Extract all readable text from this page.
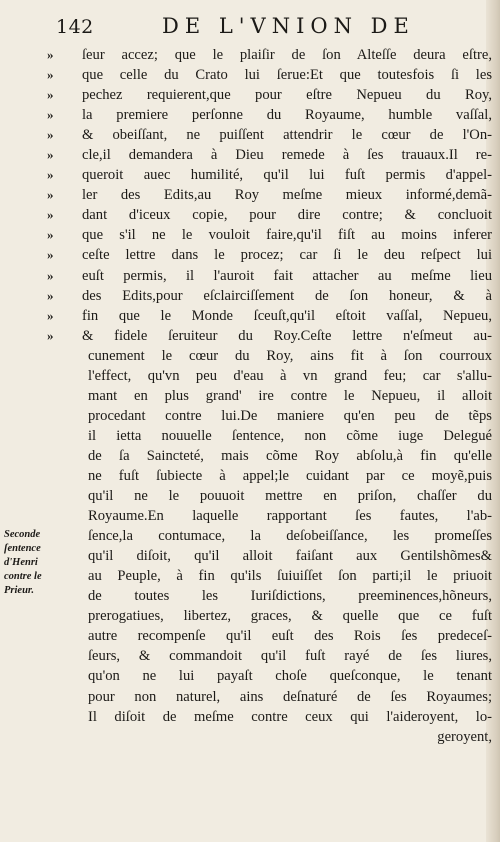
142	DE L'VNION DE
Seconde
ſentence
d'Henri
contre le
Prieur.
»	ſeur accez; que le plaiſir de ſon Alteſſe deura eſtre,
»	que celle du Crato lui ſerue:Et que toutesfois ſi les
»	pechez requierent,que pour eſtre Nepueu du Roy,
»	la premiere perſonne du Royaume, humble vaſſal,
»	& obeiſſant, ne puiſſent attendrir le cœur de l'On-
»	cle,il demandera à Dieu remede à ſes trauaux.Il re-
»	queroit auec humilité, qu'il lui fuſt permis d'appel-
»	ler des Edits,au Roy meſme mieux informé,demã-
»	dant d'iceux copie, pour dire contre; & concluoit
»	que s'il ne le vouloit faire,qu'il fiſt au moins inferer
»	ceſte lettre dans le procez; car ſi le deu reſpect lui
»	euſt permis, il l'auroit fait attacher au meſme lieu
»	des Edits,pour eſclairciſſement de ſon honeur, & à
»	fin que le Monde ſceuſt,qu'il eſtoit vaſſal, Nepueu,
»	& fidele ſeruiteur du Roy.Ceſte lettre n'eſmeut au-
cunement le cœur du Roy, ains fit à ſon courroux
l'effect, qu'vn peu d'eau à vn grand feu; car s'allu-
mant en plus grand' ire contre le Nepueu, il alloit
procedant contre lui.De maniere qu'en peu de tẽps
il ietta nouuelle ſentence, non cõme iuge Delegué
de ſa Saincteté, mais cõme Roy abſolu,à fin qu'elle
ne fuſt ſubiecte à appel;le cuidant par ce moyẽ,puis
qu'il ne le pouuoit mettre en priſon, chaſſer du
Royaume.En laquelle rapportant ſes fautes, l'ab-
ſence,la contumace, la deſobeiſſance, les promeſſes
qu'il diſoit, qu'il alloit faiſant aux Gentilshõmes&
au Peuple, à fin qu'ils ſuiuiſſet ſon parti;il le priuoit
de toutes les Iuriſdictions, preeminences,hõneurs,
prerogatiues, libertez, graces, & quelle que ce fuſt
autre recompenſe qu'il euſt des Rois ſes predeceſ-
ſeurs, & commandoit qu'il fuſt rayé de ſes liures,
qu'on ne lui payaſt choſe queſconque, le tenant
pour non naturel, ains deſnaturé de ſes Royaumes;
Il diſoit de meſme contre ceux qui l'aideroyent, lo-
geroyent,
